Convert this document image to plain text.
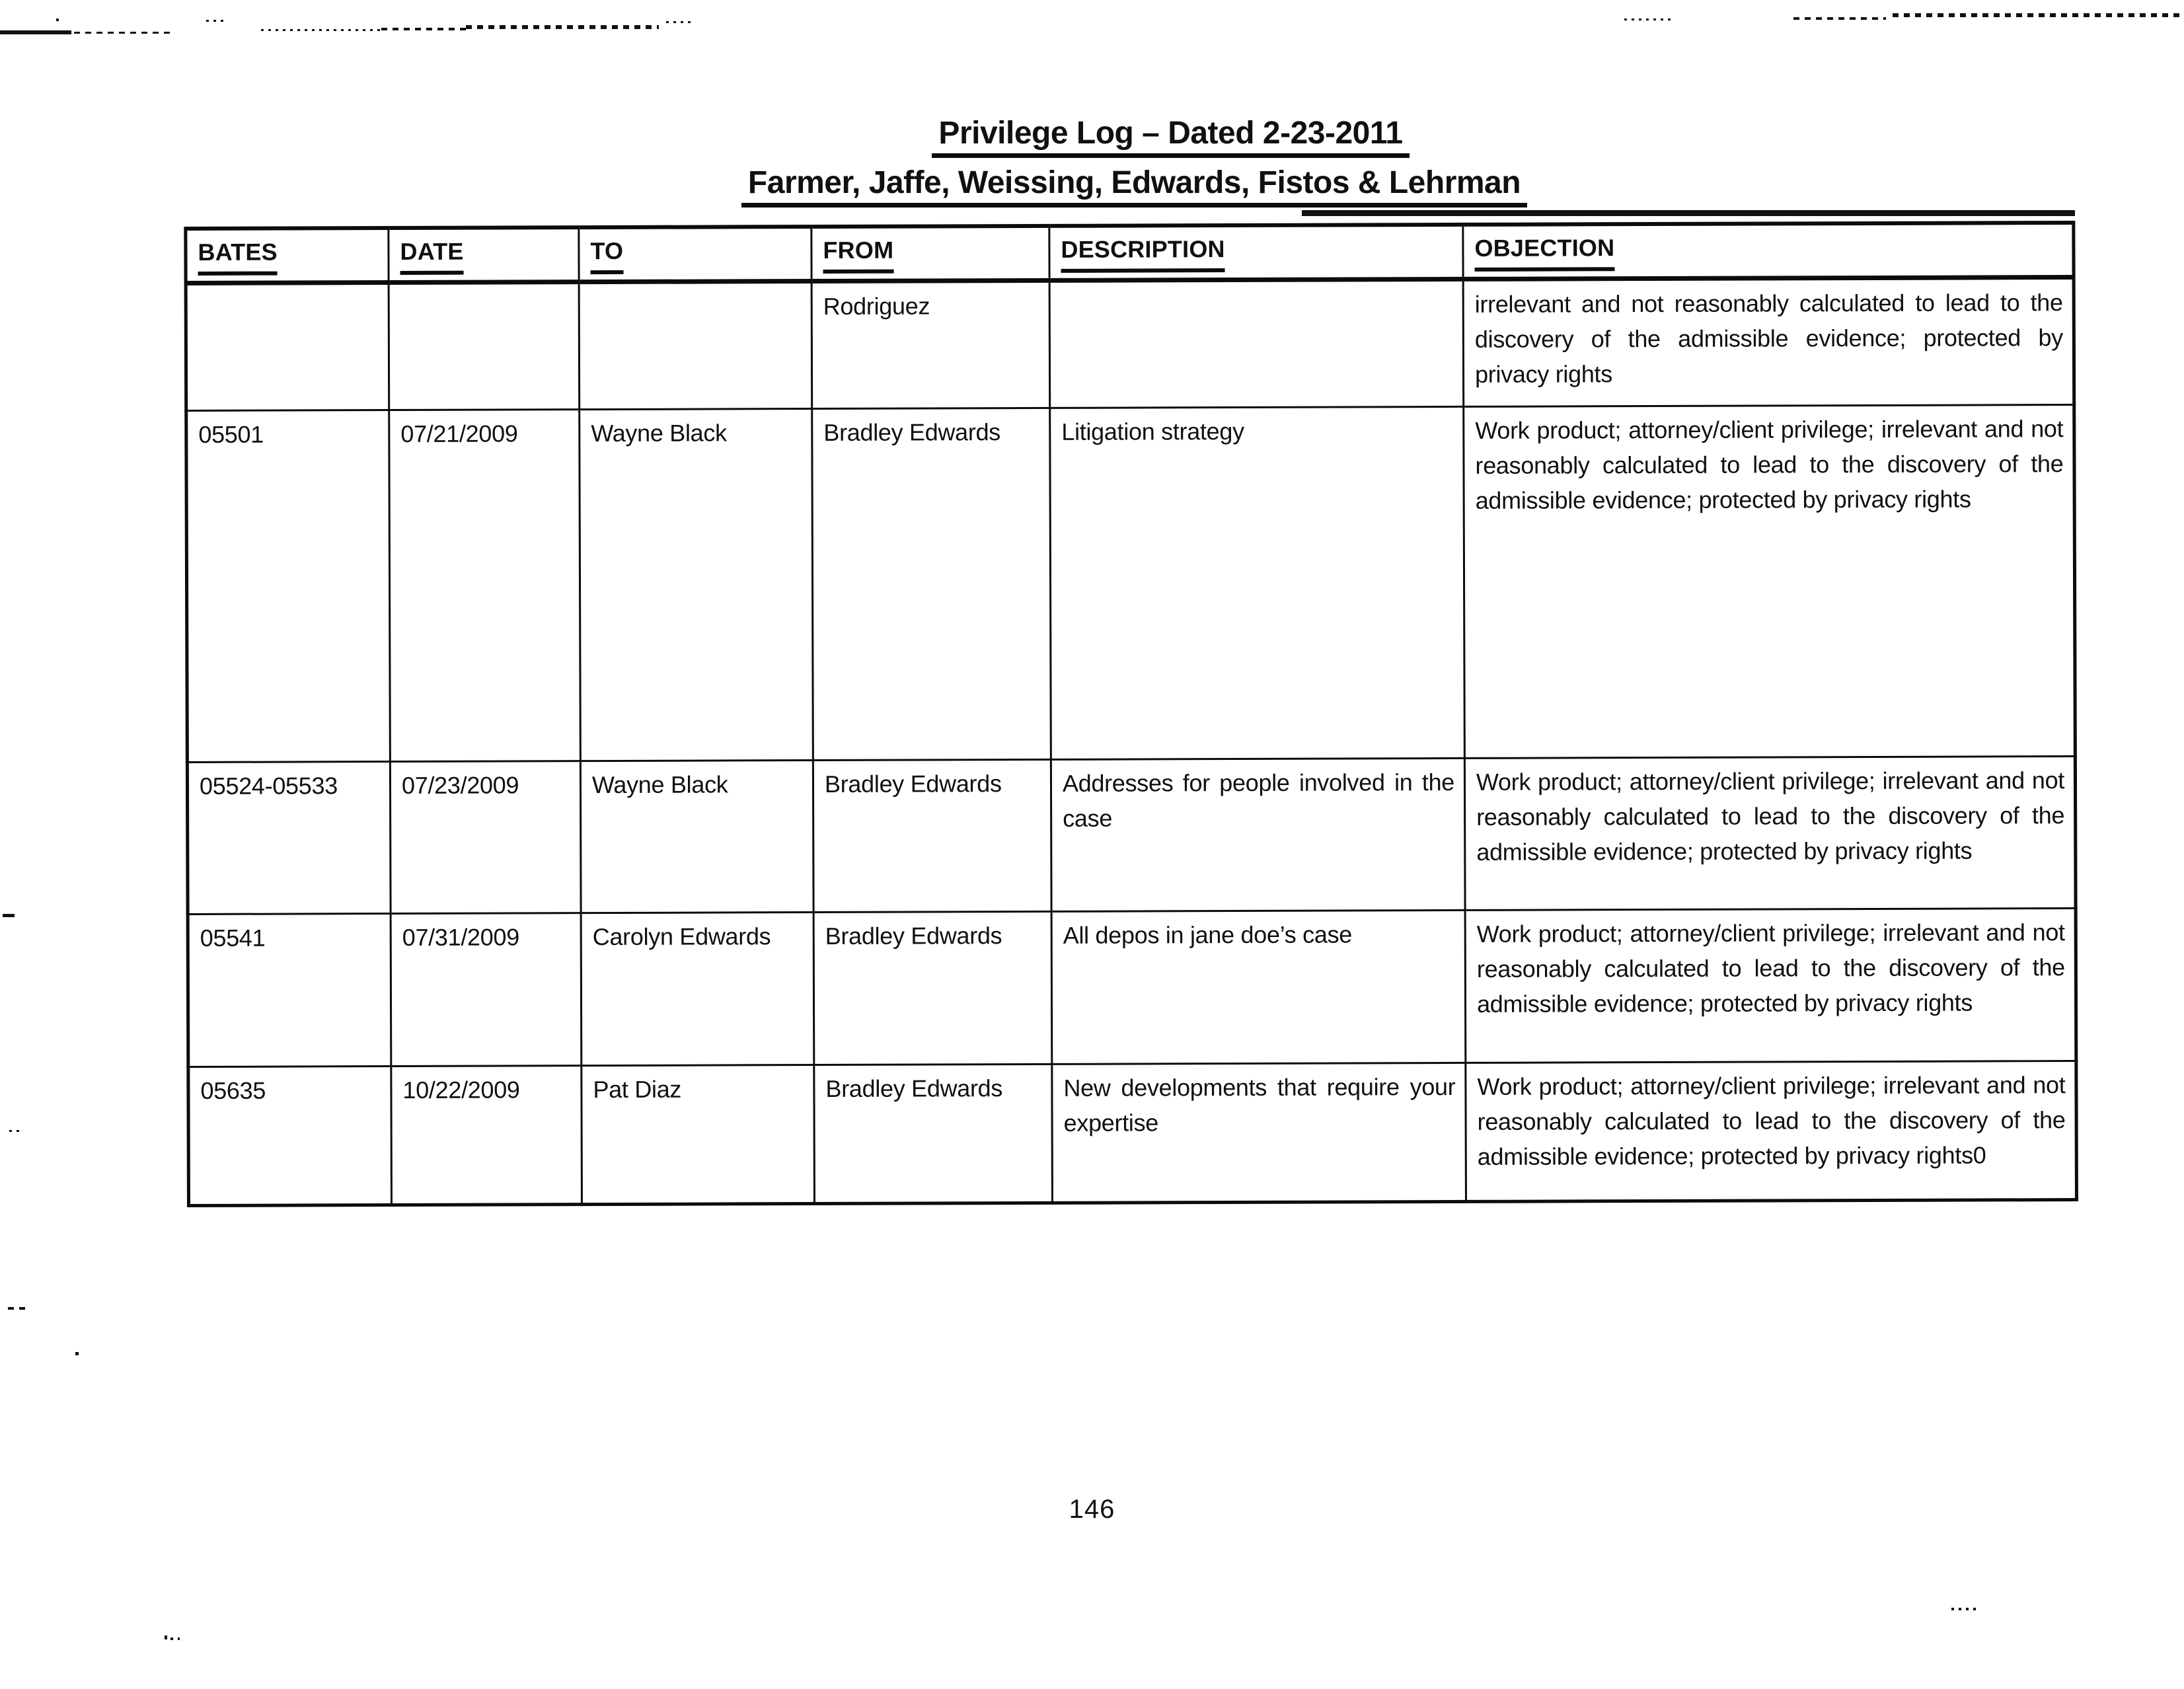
Privilege Log – Dated 2-23-2011
Farmer, Jaffe, Weissing, Edwards, Fistos & Lehrman
BATES	DATE	TO	FROM	DESCRIPTION	OBJECTION
			Rodriguez		irrelevant and not reasonably calculated to lead to the discovery of the admissible evidence; protected by privacy rights
05501	07/21/2009	Wayne Black	Bradley Edwards	Litigation strategy	Work product; attorney/client privilege; irrelevant and not reasonably calculated to lead to the discovery of the admissible evidence; protected by privacy rights
05524-05533	07/23/2009	Wayne Black	Bradley Edwards	Addresses for people involved in the case	Work product; attorney/client privilege; irrelevant and not reasonably calculated to lead to the discovery of the admissible evidence; protected by privacy rights
05541	07/31/2009	Carolyn Edwards	Bradley Edwards	All depos in jane doe’s case	Work product; attorney/client privilege; irrelevant and not reasonably calculated to lead to the discovery of the admissible evidence; protected by privacy rights
05635	10/22/2009	Pat Diaz	Bradley Edwards	New developments that require your expertise	Work product; attorney/client privilege; irrelevant and not reasonably calculated to lead to the discovery of the admissible evidence; protected by privacy rights0
146
